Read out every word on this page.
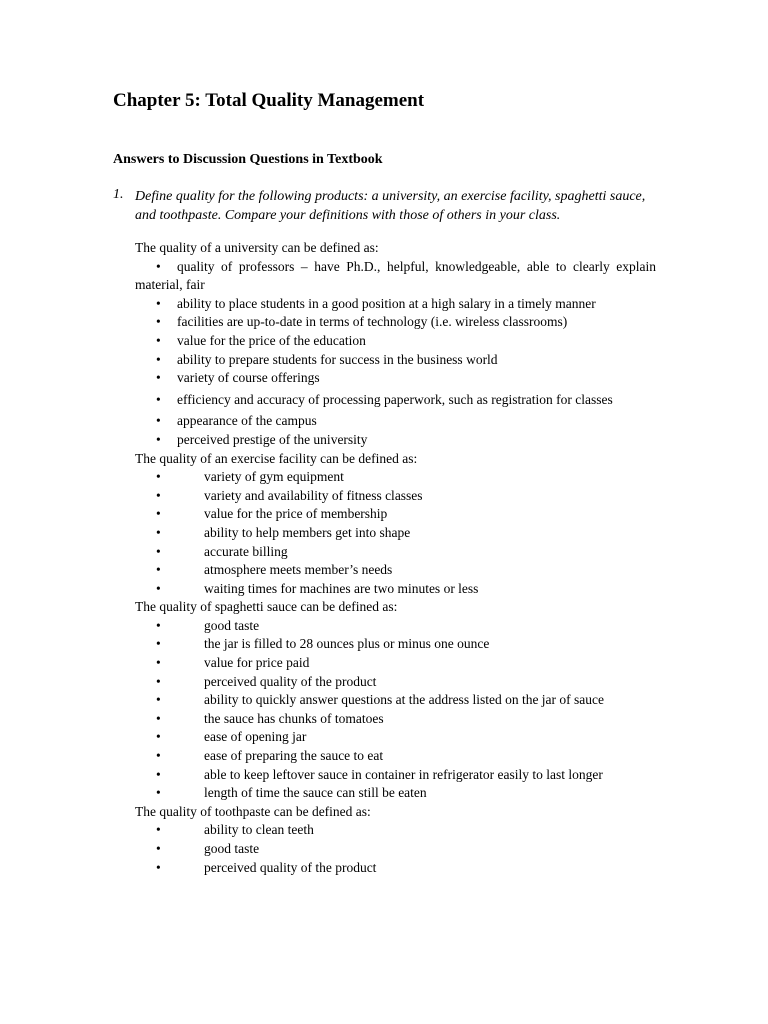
Chapter 5: Total Quality Management
Answers to Discussion Questions in Textbook
1. Define quality for the following products: a university, an exercise facility, spaghetti sauce, and toothpaste. Compare your definitions with those of others in your class.

The quality of a university can be defined as:

• quality of professors – have Ph.D., helpful, knowledgeable, able to clearly explain material, fair
• ability to place students in a good position at a high salary in a timely manner
• facilities are up-to-date in terms of technology (i.e. wireless classrooms)
• value for the price of the education
• ability to prepare students for success in the business world
• variety of course offerings
• efficiency and accuracy of processing paperwork, such as registration for classes
• appearance of the campus
• perceived prestige of the university

The quality of an exercise facility can be defined as:

•	variety of gym equipment
•	variety and availability of fitness classes
•	value for the price of membership
•	ability to help members get into shape
•	accurate billing
•	atmosphere meets member’s needs
•	waiting times for machines are two minutes or less

The quality of spaghetti sauce can be defined as:

•	good taste
•	the jar is filled to 28 ounces plus or minus one ounce
•	value for price paid
•	perceived quality of the product
•	ability to quickly answer questions at the address listed on the jar of sauce
•	the sauce has chunks of tomatoes
•	ease of opening jar
•	ease of preparing the sauce to eat
•	able to keep leftover sauce in container in refrigerator easily to last longer
•	length of time the sauce can still be eaten

The quality of toothpaste can be defined as:

•	ability to clean teeth
•	good taste
•	perceived quality of the product
